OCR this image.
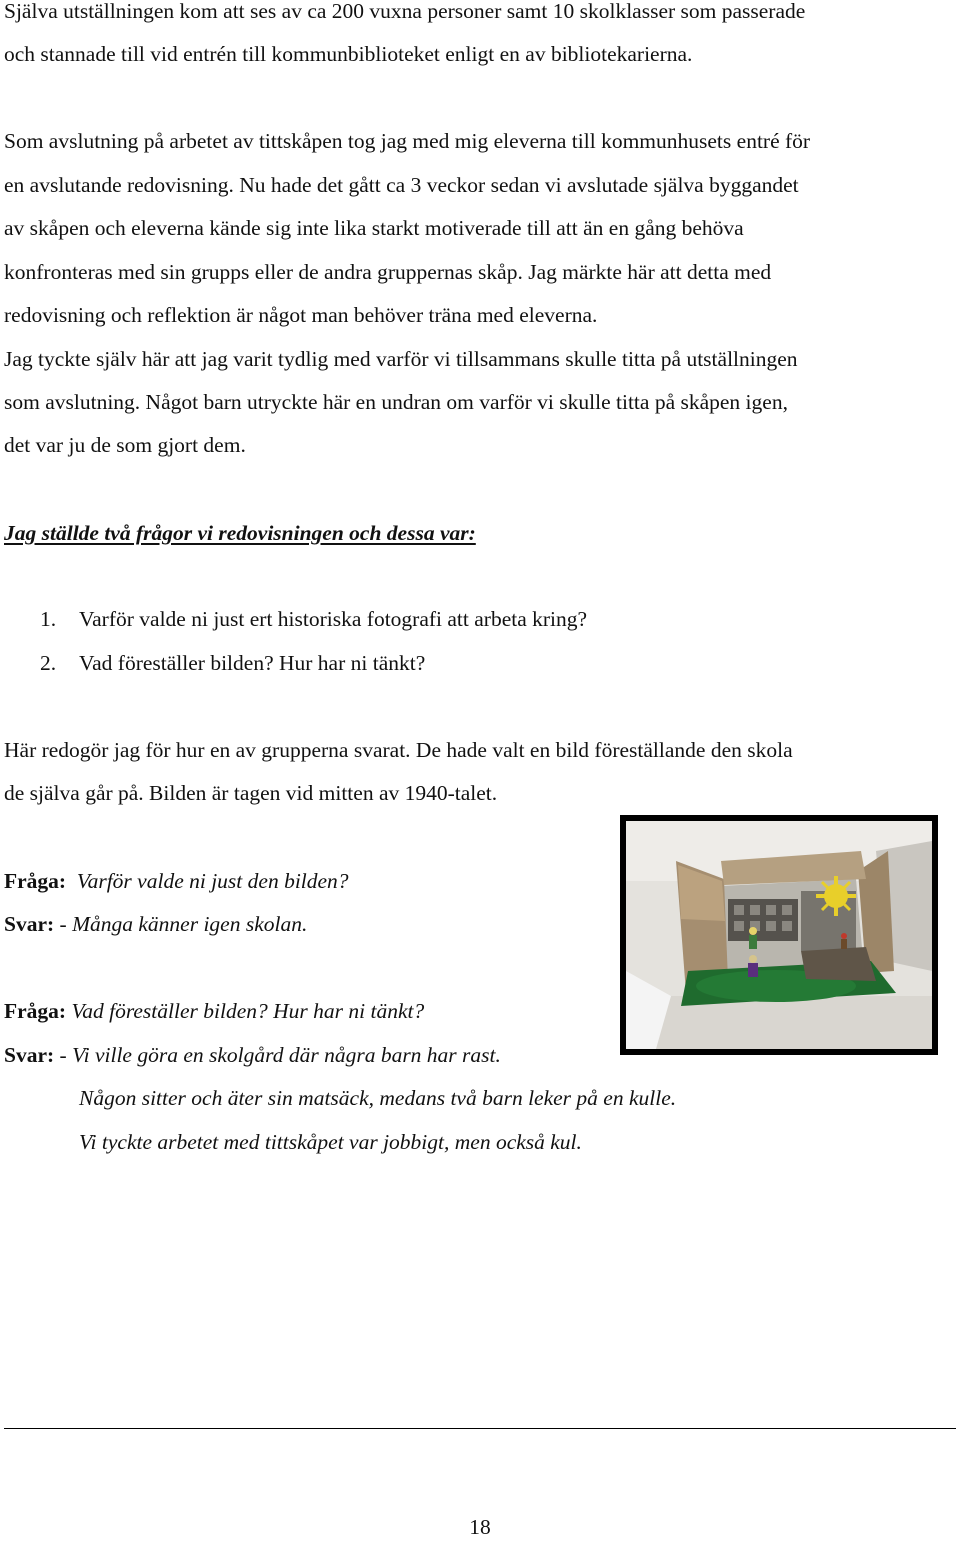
Själva utställningen kom att ses av ca 200 vuxna personer samt 10 skolklasser som passerade
och stannade till vid entrén till kommunbiblioteket enligt en av bibliotekarierna.
Som avslutning på arbetet av tittskåpen tog jag med mig eleverna till kommunhusets entré för
en avslutande redovisning. Nu hade det gått ca 3 veckor sedan vi avslutade själva byggandet
av skåpen och eleverna kände sig inte lika starkt motiverade till att än en gång behöva
konfronteras med sin grupps eller de andra gruppernas skåp. Jag märkte här att detta med
redovisning och reflektion är något man behöver träna med eleverna.
Jag tyckte själv här att jag varit tydlig med varför vi tillsammans skulle titta på utställningen
som avslutning. Något barn utryckte här en undran om varför vi skulle titta på skåpen igen,
det var ju de som gjort dem.
Jag ställde två frågor vi redovisningen och dessa var:
1. Varför valde ni just ert historiska fotografi att arbeta kring?
2. Vad föreställer bilden? Hur har ni tänkt?
Här redogör jag för hur en av grupperna svarat. De hade valt en bild föreställande den skola
de själva går på. Bilden är tagen vid mitten av 1940-talet.
Fråga: Varför valde ni just den bilden?
Svar: - Många känner igen skolan.
Fråga: Vad föreställer bilden? Hur har ni tänkt?
Svar: - Vi ville göra en skolgård där några barn har rast.
Någon sitter och äter sin matsäck, medans två barn leker på en kulle.
Vi tyckte arbetet med tittskåpet var jobbigt, men också kul.
18
